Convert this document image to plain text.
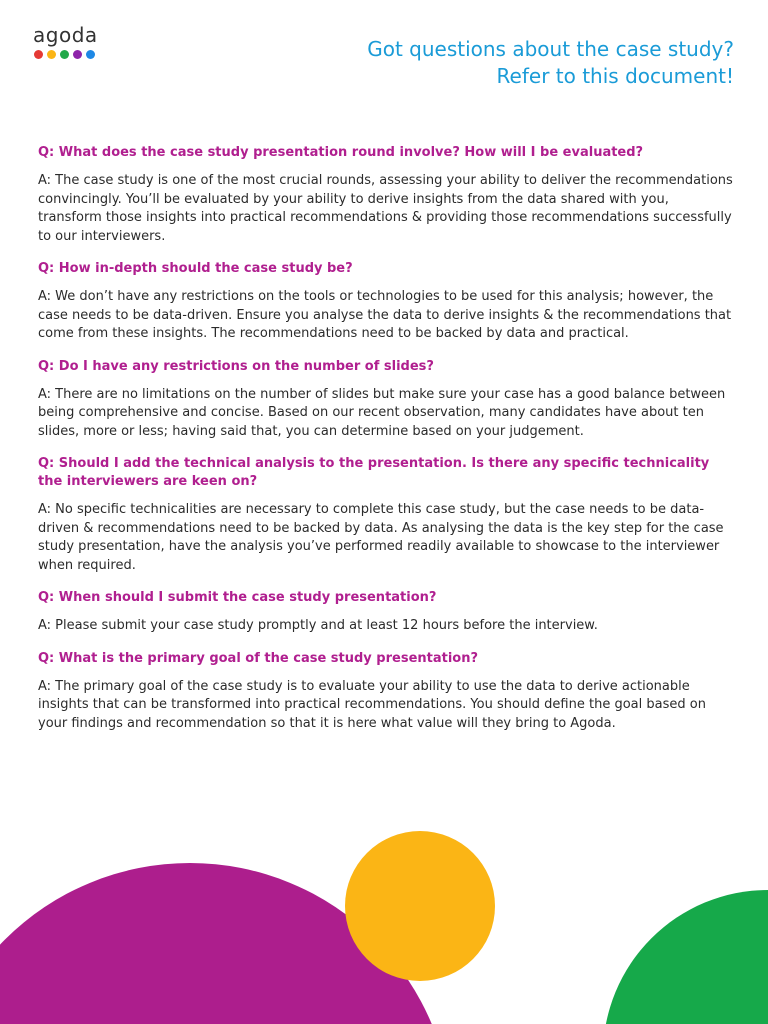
agoda
Got questions about the case study?
Refer to this document!

Q: What does the case study presentation round involve? How will I be evaluated?

A: The case study is one of the most crucial rounds, assessing your ability to deliver the recommendations convincingly. You’ll be evaluated by your ability to derive insights from the data shared with you, transform those insights into practical recommendations & providing those recommendations successfully to our interviewers.

Q: How in-depth should the case study be?

A: We don’t have any restrictions on the tools or technologies to be used for this analysis; however, the case needs to be data-driven. Ensure you analyse the data to derive insights & the recommendations that come from these insights. The recommendations need to be backed by data and practical.

Q: Do I have any restrictions on the number of slides?

A: There are no limitations on the number of slides but make sure your case has a good balance between being comprehensive and concise. Based on our recent observation, many candidates have about ten slides, more or less; having said that, you can determine based on your judgement.

Q: Should I add the technical analysis to the presentation. Is there any specific technicality the interviewers are keen on?

A: No specific technicalities are necessary to complete this case study, but the case needs to be data-driven & recommendations need to be backed by data. As analysing the data is the key step for the case study presentation, have the analysis you’ve performed readily available to showcase to the interviewer when required.

Q: When should I submit the case study presentation?

A: Please submit your case study promptly and at least 12 hours before the interview.

Q: What is the primary goal of the case study presentation?

A: The primary goal of the case study is to evaluate your ability to use the data to derive actionable insights that can be transformed into practical recommendations. You should define the goal based on your findings and recommendation so that it is here what value will they bring to Agoda.
